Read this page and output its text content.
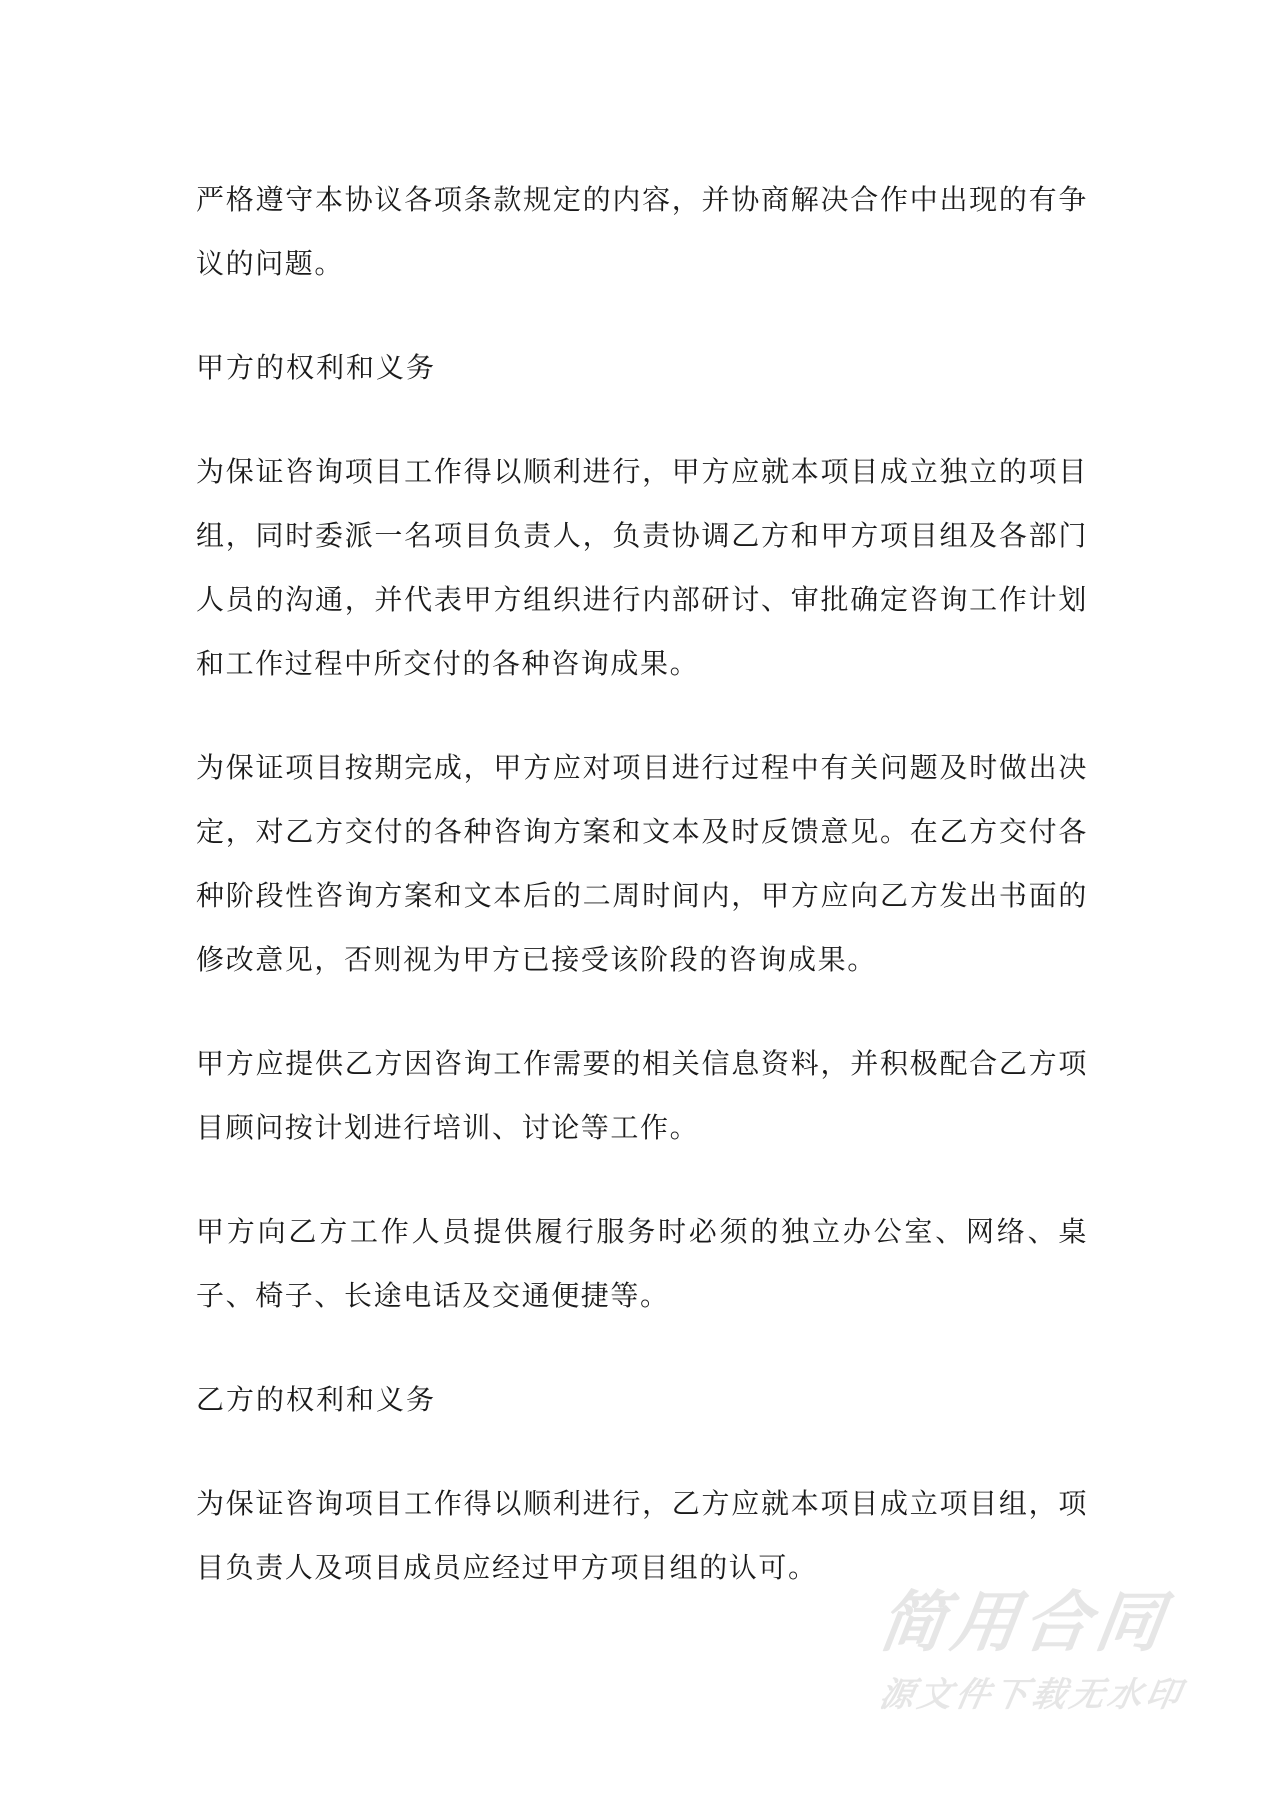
严格遵守本协议各项条款规定的内容，并协商解决合作中出现的有争议的问题。

甲方的权利和义务

为保证咨询项目工作得以顺利进行，甲方应就本项目成立独立的项目组，同时委派一名项目负责人，负责协调乙方和甲方项目组及各部门人员的沟通，并代表甲方组织进行内部研讨、审批确定咨询工作计划和工作过程中所交付的各种咨询成果。

为保证项目按期完成，甲方应对项目进行过程中有关问题及时做出决定，对乙方交付的各种咨询方案和文本及时反馈意见。在乙方交付各种阶段性咨询方案和文本后的二周时间内，甲方应向乙方发出书面的修改意见，否则视为甲方已接受该阶段的咨询成果。

甲方应提供乙方因咨询工作需要的相关信息资料，并积极配合乙方项目顾问按计划进行培训、讨论等工作。

甲方向乙方工作人员提供履行服务时必须的独立办公室、网络、桌子、椅子、长途电话及交通便捷等。

乙方的权利和义务

为保证咨询项目工作得以顺利进行，乙方应就本项目成立项目组，项目负责人及项目成员应经过甲方项目组的认可。

简用合同
源文件下载无水印
